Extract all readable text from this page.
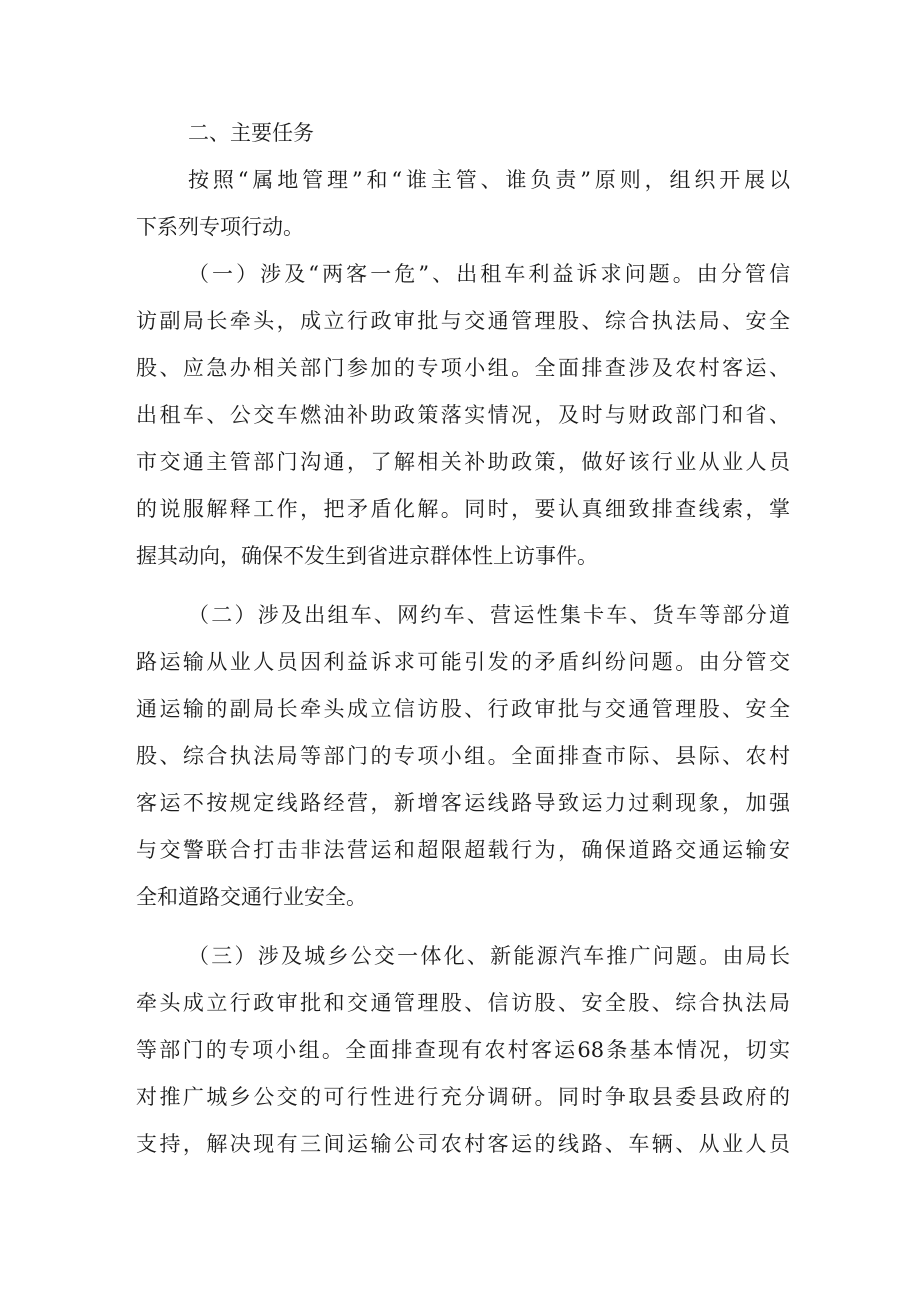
二、主要任务
按照“属地管理”和“谁主管、谁负责”原则，组织开展以
下系列专项行动。
（一）涉及“两客一危”、出租车利益诉求问题。由分管信
访副局长牵头，成立行政审批与交通管理股、综合执法局、安全
股、应急办相关部门参加的专项小组。全面排查涉及农村客运、
出租车、公交车燃油补助政策落实情况，及时与财政部门和省、
市交通主管部门沟通，了解相关补助政策，做好该行业从业人员
的说服解释工作，把矛盾化解。同时，要认真细致排查线索，掌
握其动向，确保不发生到省进京群体性上访事件。
（二）涉及出组车、网约车、营运性集卡车、货车等部分道
路运输从业人员因利益诉求可能引发的矛盾纠纷问题。由分管交
通运输的副局长牵头成立信访股、行政审批与交通管理股、安全
股、综合执法局等部门的专项小组。全面排查市际、县际、农村
客运不按规定线路经营，新增客运线路导致运力过剩现象，加强
与交警联合打击非法营运和超限超载行为，确保道路交通运输安
全和道路交通行业安全。
（三）涉及城乡公交一体化、新能源汽车推广问题。由局长
牵头成立行政审批和交通管理股、信访股、安全股、综合执法局
等部门的专项小组。全面排查现有农村客运68条基本情况，切实
对推广城乡公交的可行性进行充分调研。同时争取县委县政府的
支持，解决现有三间运输公司农村客运的线路、车辆、从业人员
